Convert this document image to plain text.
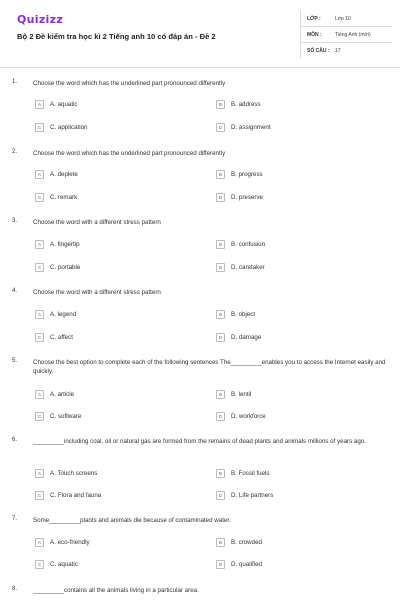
Quizizz
Bộ 2 Đề kiểm tra học kì 2 Tiếng anh 10 có đáp án - Đề 2
LỚP :	Lớp 10
MÔN :	Tiếng Anh (mới)
SỐ CÂU :	17
1.	Choose the word which has the underlined part pronounced differently
A	A. aquatic	B	B. address
C	C. application	D	D. assignment
2.	Choose the word which has the underlined part pronounced differently
A	A. deplete	B	B. progress
C	C. remark	D	D. preserve
3.	Choose the word with a different stress pattern
A	A. fingertip	B	B. confusion
C	C. portable	D	D. caretaker
4.	Choose the word with a different stress pattern
A	A. legend	B	B. object
C	C. affect	D	D. damage
5.	Choose the best option to complete each of the following sentences The_________enables you to access the Internet easily and quickly.
A	A. article	B	B. lentil
C	C. software	D	D. workforce
6.	_________including coal, oil or natural gas are formed from the remains of dead plants and animals millions of years ago.
A	A. Touch screens	B	B. Fossil fuels
C	C. Flora and fauna	D	D. Life partners
7.	Some_________plants and animals die because of contaminated water.
A	A. eco-friendly	B	B. crowded
C	C. aquatic	D	D. qualified
8.	_________contains all the animals living in a particular area.
